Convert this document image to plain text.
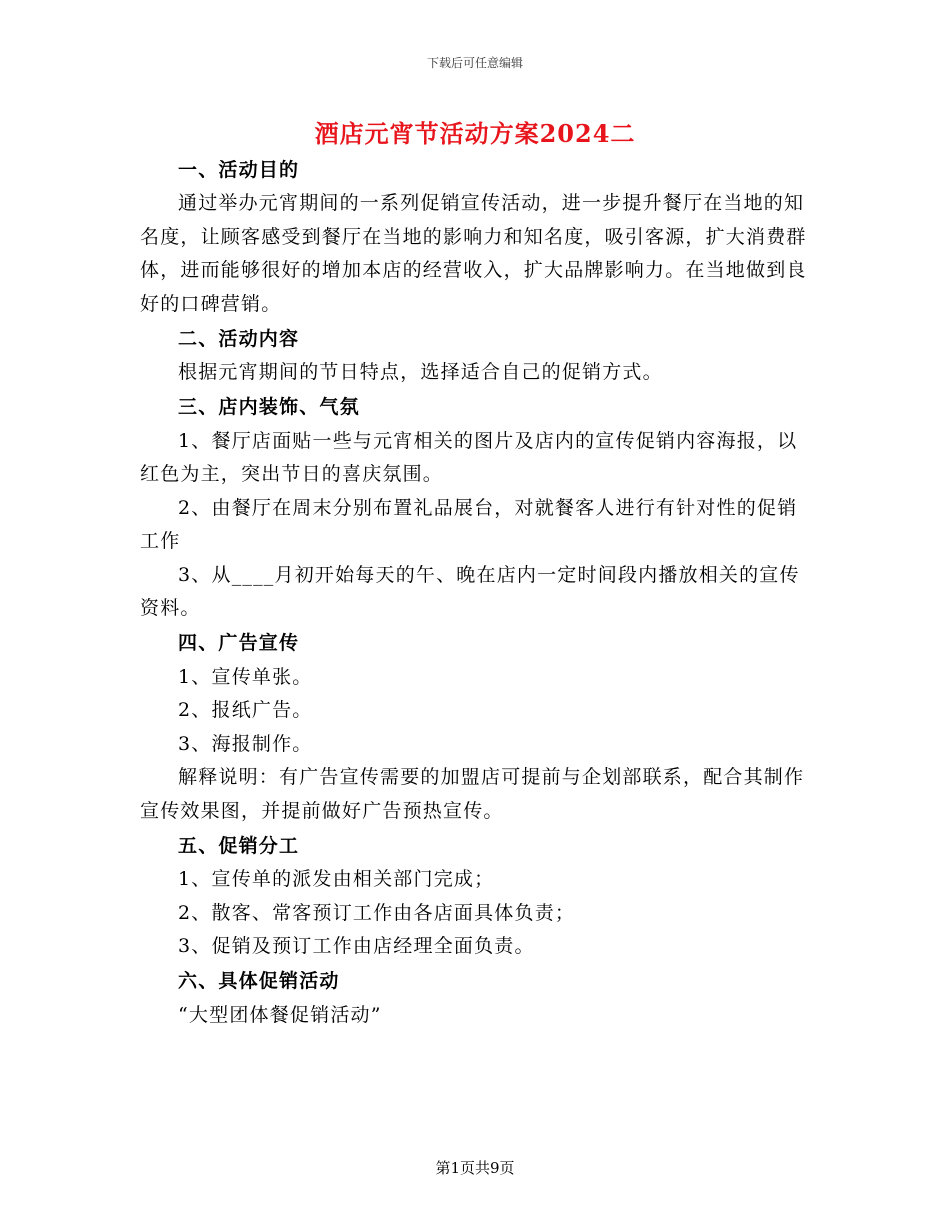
下载后可任意编辑
酒店元宵节活动方案2024二

一、活动目的

通过举办元宵期间的一系列促销宣传活动，进一步提升餐厅在当地的知名度，让顾客感受到餐厅在当地的影响力和知名度，吸引客源，扩大消费群体，进而能够很好的增加本店的经营收入，扩大品牌影响力。在当地做到良好的口碑营销。

二、活动内容

根据元宵期间的节日特点，选择适合自己的促销方式。

三、店内装饰、气氛

1、餐厅店面贴一些与元宵相关的图片及店内的宣传促销内容海报，以红色为主，突出节日的喜庆氛围。

2、由餐厅在周末分别布置礼品展台，对就餐客人进行有针对性的促销工作

3、从____月初开始每天的午、晚在店内一定时间段内播放相关的宣传资料。

四、广告宣传

1、宣传单张。

2、报纸广告。

3、海报制作。

解释说明：有广告宣传需要的加盟店可提前与企划部联系，配合其制作宣传效果图，并提前做好广告预热宣传。

五、促销分工

1、宣传单的派发由相关部门完成；

2、散客、常客预订工作由各店面具体负责；

3、促销及预订工作由店经理全面负责。

六、具体促销活动

“大型团体餐促销活动”

第1页共9页
